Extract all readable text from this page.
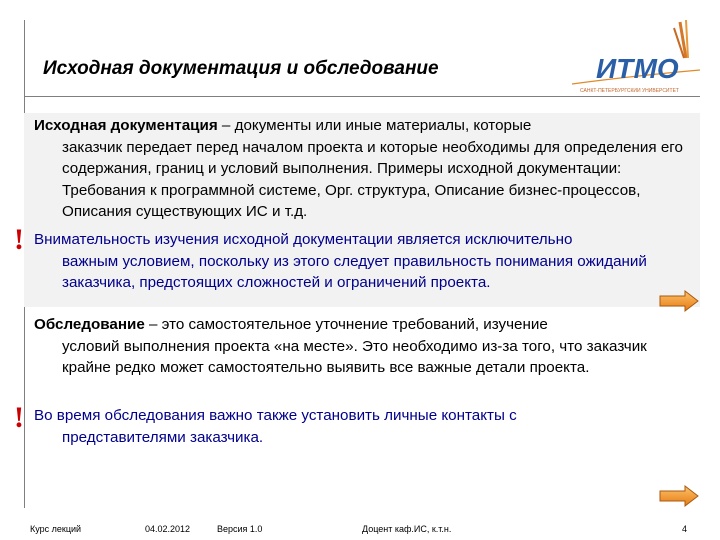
Исходная документация и обследование	ИТМО
САНКТ-ПЕТЕРБУРГСКИЙ УНИВЕРСИТЕТ
Исходная документация – документы или иные материалы, которые
заказчик передает перед началом проекта и которые необходимы для определения его содержания, границ и условий выполнения. Примеры исходной документации: Требования к программной системе, Орг. структура, Описание бизнес-процессов, Описания существующих ИС и т.д.
! Внимательность изучения исходной документации является исключительно
важным условием, поскольку из этого следует правильность понимания ожиданий заказчика, предстоящих сложностей и ограничений проекта.
Обследование – это самостоятельное уточнение требований, изучение
условий выполнения проекта «на месте». Это необходимо из-за того, что заказчик крайне редко может самостоятельно выявить все важные детали проекта.
! Во время обследования важно также установить личные контакты с
представителями заказчика.
Курс лекций	04.02.2012	Версия 1.0	Доцент каф.ИС, к.т.н.	4
